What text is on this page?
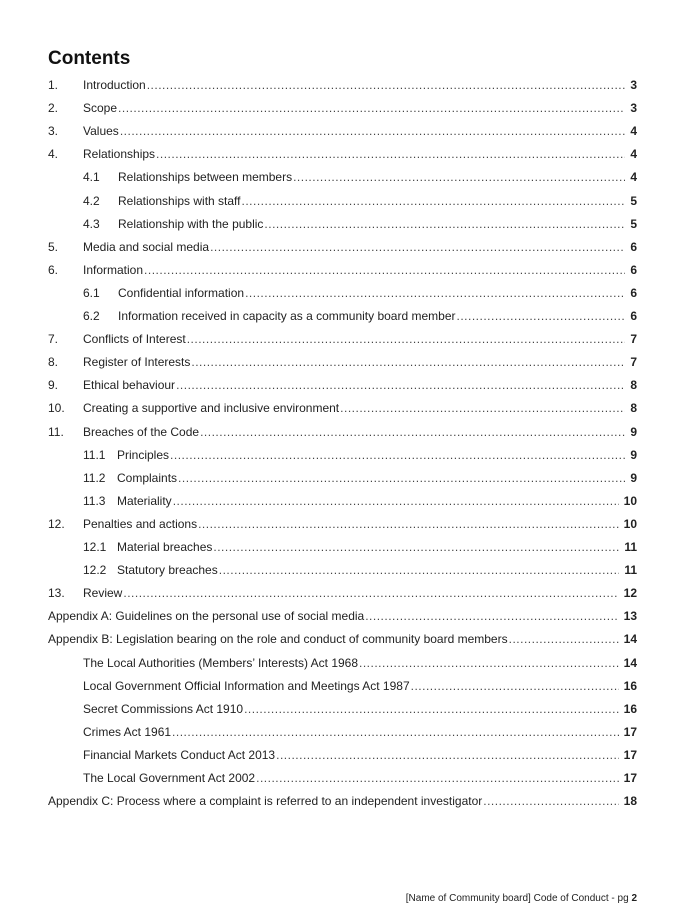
Contents
1. Introduction .....	3
2. Scope .....	3
3. Values .....	4
4. Relationships .....	4
4.1 Relationships between members .....	4
4.2 Relationships with staff .....	5
4.3 Relationship with the public .....	5
5. Media and social media .....	6
6. Information .....	6
6.1 Confidential information .....	6
6.2 Information received in capacity as a community board member .....	6
7. Conflicts of Interest .....	7
8. Register of Interests .....	7
9. Ethical behaviour .....	8
10. Creating a supportive and inclusive environment .....	8
11. Breaches of the Code .....	9
11.1 Principles .....	9
11.2 Complaints .....	9
11.3 Materiality .....	10
12. Penalties and actions .....	10
12.1 Material breaches .....	11
12.2 Statutory breaches .....	11
13. Review .....	12
Appendix A: Guidelines on the personal use of social media .....	13
Appendix B: Legislation bearing on the role and conduct of community board members .....	14
The Local Authorities (Members’ Interests) Act 1968 .....	14
Local Government Official Information and Meetings Act 1987 .....	16
Secret Commissions Act 1910 .....	16
Crimes Act 1961 .....	17
Financial Markets Conduct Act 2013 .....	17
The Local Government Act 2002 .....	17
Appendix C: Process where a complaint is referred to an independent investigator .....	18
[Name of Community board] Code of Conduct - pg 2
